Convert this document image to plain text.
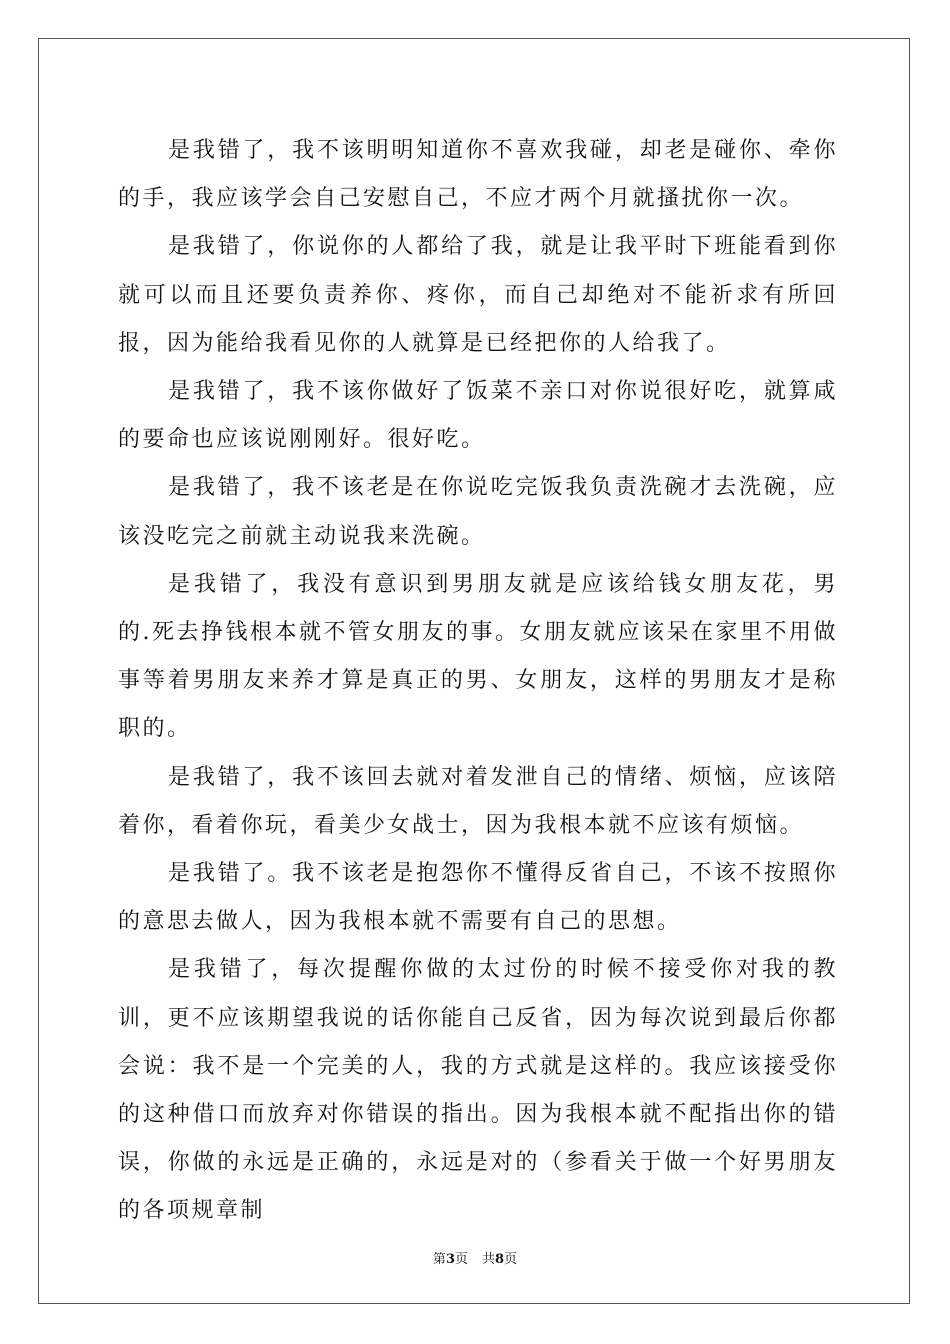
是我错了，我不该明明知道你不喜欢我碰，却老是碰你、牵你的手，我应该学会自己安慰自己，不应才两个月就搔扰你一次。

是我错了，你说你的人都给了我，就是让我平时下班能看到你就可以而且还要负责养你、疼你，而自己却绝对不能祈求有所回报，因为能给我看见你的人就算是已经把你的人给我了。

是我错了，我不该你做好了饭菜不亲口对你说很好吃，就算咸的要命也应该说刚刚好。很好吃。

是我错了，我不该老是在你说吃完饭我负责洗碗才去洗碗，应该没吃完之前就主动说我来洗碗。

是我错了，我没有意识到男朋友就是应该给钱女朋友花，男的.死去挣钱根本就不管女朋友的事。女朋友就应该呆在家里不用做事等着男朋友来养才算是真正的男、女朋友，这样的男朋友才是称职的。

是我错了，我不该回去就对着发泄自己的情绪、烦恼，应该陪着你，看着你玩，看美少女战士，因为我根本就不应该有烦恼。

是我错了。我不该老是抱怨你不懂得反省自己，不该不按照你的意思去做人，因为我根本就不需要有自己的思想。

是我错了，每次提醒你做的太过份的时候不接受你对我的教训，更不应该期望我说的话你能自己反省，因为每次说到最后你都会说：我不是一个完美的人，我的方式就是这样的。我应该接受你的这种借口而放弃对你错误的指出。因为我根本就不配指出你的错误，你做的永远是正确的，永远是对的（参看关于做一个好男朋友的各项规章制

第3页 共8页
